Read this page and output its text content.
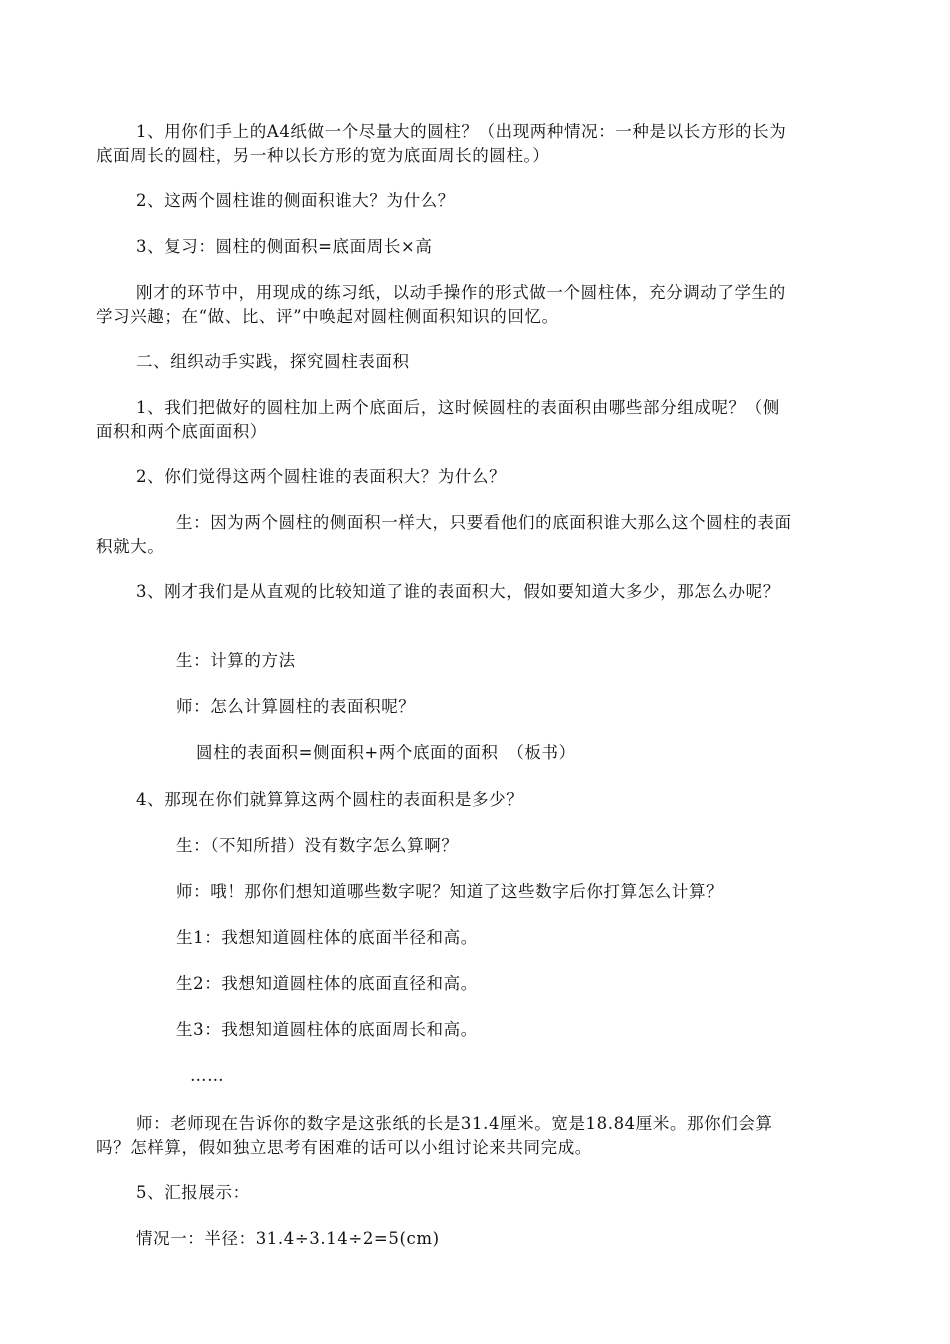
1、用你们手上的A4纸做一个尽量大的圆柱？（出现两种情况：一种是以长方形的长为底面周长的圆柱，另一种以长方形的宽为底面周长的圆柱。）
2、这两个圆柱谁的侧面积谁大？为什么？
3、复习：圆柱的侧面积=底面周长×高
刚才的环节中，用现成的练习纸，以动手操作的形式做一个圆柱体，充分调动了学生的学习兴趣；在“做、比、评”中唤起对圆柱侧面积知识的回忆。
二、组织动手实践，探究圆柱表面积
1、我们把做好的圆柱加上两个底面后，这时候圆柱的表面积由哪些部分组成呢？（侧面积和两个底面面积）
2、你们觉得这两个圆柱谁的表面积大？为什么？
生：因为两个圆柱的侧面积一样大，只要看他们的底面积谁大那么这个圆柱的表面积就大。
3、刚才我们是从直观的比较知道了谁的表面积大，假如要知道大多少，那怎么办呢？
生：计算的方法
师：怎么计算圆柱的表面积呢？
圆柱的表面积=侧面积+两个底面的面积　（板书）
4、那现在你们就算算这两个圆柱的表面积是多少？
生：（不知所措）没有数字怎么算啊？
师：哦！那你们想知道哪些数字呢？知道了这些数字后你打算怎么计算？
生1：我想知道圆柱体的底面半径和高。
生2：我想知道圆柱体的底面直径和高。
生3：我想知道圆柱体的底面周长和高。
……
师：老师现在告诉你的数字是这张纸的长是31.4厘米。宽是18.84厘米。那你们会算吗？怎样算，假如独立思考有困难的话可以小组讨论来共同完成。
5、汇报展示：
情况一：半径：31.4÷3.14÷2=5(cm)
